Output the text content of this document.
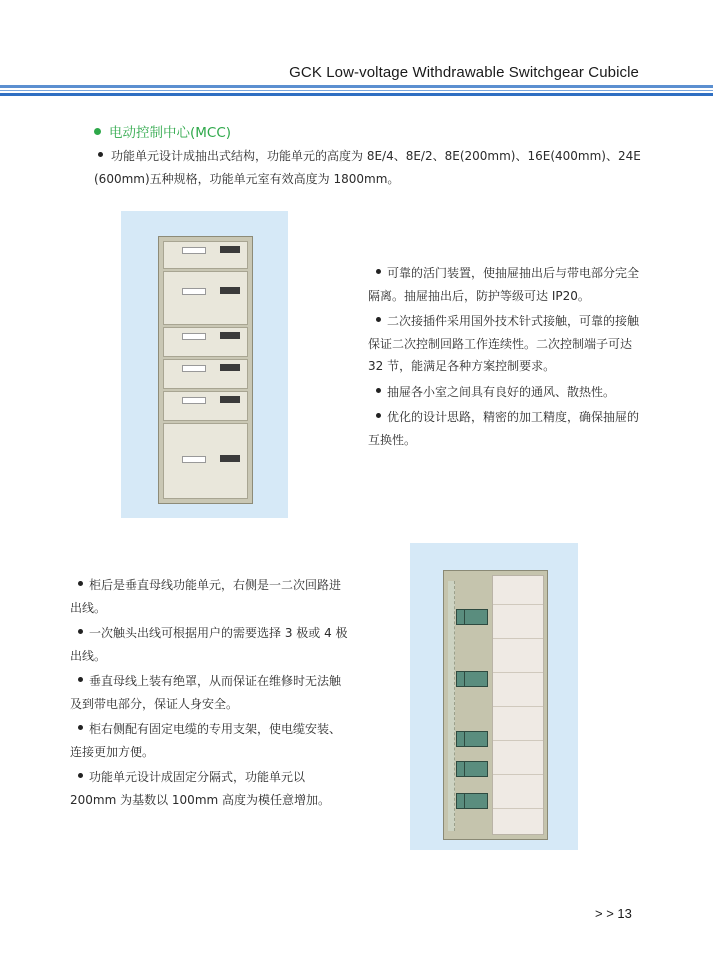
GCK Low-voltage Withdrawable Switchgear Cubicle
电动控制中心(MCC)
功能单元设计成抽出式结构，功能单元的高度为 8E/4、8E/2、8E(200mm)、16E(400mm)、24E
(600mm)五种规格，功能单元室有效高度为 1800mm。

可靠的活门装置，使抽屉抽出后与带电部分完全隔离。抽屉抽出后，防护等级可达 IP20。

二次接插件采用国外技术针式接触，可靠的接触保证二次控制回路工作连续性。二次控制端子可达 32 节，能满足各种方案控制要求。

抽屉各小室之间具有良好的通风、散热性。

优化的设计思路，精密的加工精度，确保抽屉的互换性。

柜后是垂直母线功能单元，右侧是一二次回路进出线。

一次触头出线可根据用户的需要选择 3 极或 4 极出线。

垂直母线上装有绝罩，从而保证在维修时无法触及到带电部分，保证人身安全。

柜右侧配有固定电缆的专用支架，使电缆安装、连接更加方便。

功能单元设计成固定分隔式，功能单元以 200mm 为基数以 100mm 高度为模任意增加。

> > 13
